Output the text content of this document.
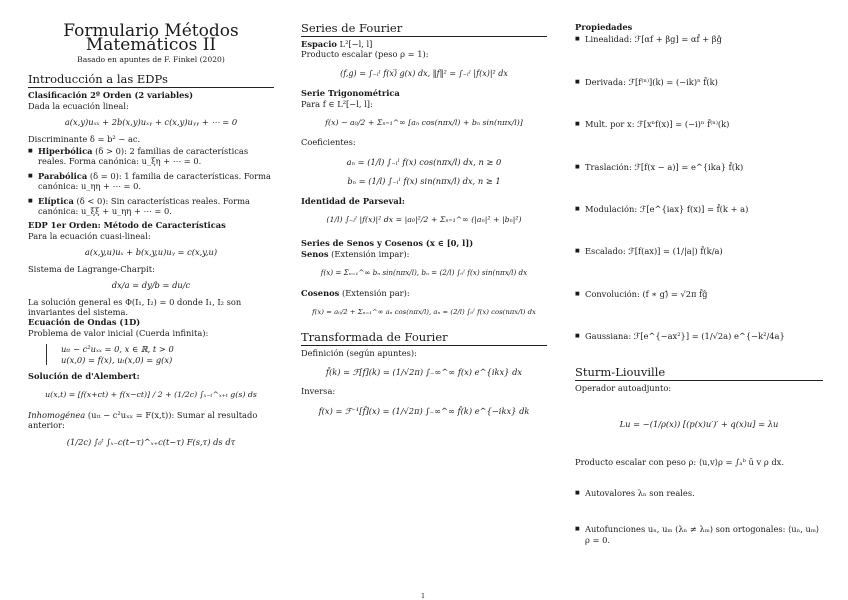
Formulario Métodos Matemáticos II
Basado en apuntes de F. Finkel (2020)
Introducción a las EDPs
Clasificación 2º Orden (2 variables)

Dada la ecuación lineal:

a(x,y)uₓₓ + 2b(x,y)uₓᵧ + c(x,y)uᵧᵧ + ⋯ = 0

Discriminante δ = b² − ac.

■ Hiperbólica (δ > 0): 2 familias de características reales. Forma canónica: u_ξη + ⋯ = 0.
■ Parabólica (δ = 0): 1 familia de características. Forma canónica: u_ηη + ⋯ = 0.
■ Elíptica (δ < 0): Sin características reales. Forma canónica: u_ξξ + u_ηη + ⋯ = 0.
EDP 1er Orden: Método de Características

Para la ecuación cuasi-lineal:

a(x,y,u)uₓ + b(x,y,u)uᵧ = c(x,y,u)

Sistema de Lagrange-Charpit:

dx/a = dy/b = du/c

La solución general es Φ(I₁, I₂) = 0 donde I₁, I₂ son invariantes del sistema.

Ecuación de Ondas (1D)

Problema de valor inicial (Cuerda infinita):

uₜₜ − c²uₓₓ = 0, x ∈ ℝ, t > 0
u(x,0) = f(x), uₜ(x,0) = g(x)
Solución de d'Alembert:
u(x,t) = [f(x+ct) + f(x−ct)] / 2 + (1/2c) ∫ₓ₋ₜ^ₓ₊ₜ g(s) ds

Inhomogénea (uₜₜ − c²uₓₓ = F(x,t)): Sumar al resultado anterior:

(1/2c) ∫₀ᵗ ∫ₓ₋c(t−τ)^ₓ₊c(t−τ) F(s,τ) ds dτ
Series de Fourier

Espacio L²[−l, l]

Producto escalar (peso ρ = 1):

(f,g) = ∫₋ₗˡ f(x)̅ g(x) dx, ‖f‖² = ∫₋ₗˡ |f(x)|² dx
Serie Trigonométrica

Para f ∈ L²[−l, l]:

f(x) ∼ a₀/2 + Σₙ₌₁^∞ [aₙ cos(nπx/l) + bₙ sin(nπx/l)]

Coeficientes:

aₙ = (1/l) ∫₋ₗˡ f(x) cos(nπx/l) dx, n ≥ 0
bₙ = (1/l) ∫₋ₗˡ f(x) sin(nπx/l) dx, n ≥ 1
Identidad de Parseval:
(1/l) ∫₋ₗˡ |f(x)|² dx = |a₀|²/2 + Σₙ₌₁^∞ (|aₙ|² + |bₙ|²)
Series de Senos y Cosenos (x ∈ [0, l])

Senos (Extensión impar):

f(x) = Σₙ₌₁^∞ bₙ sin(nπx/l), bₙ = (2/l) ∫₀ˡ f(x) sin(nπx/l) dx

Cosenos (Extensión par):

f(x) = a₀/2 + Σₙ₌₁^∞ aₙ cos(nπx/l), aₙ = (2/l) ∫₀ˡ f(x) cos(nπx/l) dx
Transformada de Fourier

Definición (según apuntes):

f̂(k) = ℱ[f](k) = (1/√2π) ∫₋∞^∞ f(x) e^{ikx} dx

Inversa:

f(x) = ℱ⁻¹[f̂](x) = (1/√2π) ∫₋∞^∞ f̂(k) e^{−ikx} dk
Propiedades
■ Linealidad: ℱ[αf + βg] = αf̂ + βĝ
■ Derivada: ℱ[f⁽ⁿ⁾](k) = (−ik)ⁿ f̂(k)
■ Mult. por x: ℱ[xⁿf(x)] = (−i)ⁿ f̂⁽ⁿ⁾(k)
■ Traslación: ℱ[f(x − a)] = e^{ika} f̂(k)
■ Modulación: ℱ[e^{iax} f(x)] = f̂(k + a)
■ Escalado: ℱ[f(ax)] = (1/|a|) f̂(k/a)
■ Convolución: (f ∗ g)̂ = √2π f̂ĝ
■ Gaussiana: ℱ[e^{−ax²}] = (1/√2a) e^{−k²/4a}
Sturm-Liouville

Operador autoadjunto:

Lu = −(1/ρ(x)) [(p(x)u′)′ + q(x)u] = λu

Producto escalar con peso ρ: ⟨u,v⟩ρ = ∫ₐᵇ ū v ρ dx.

■ Autovalores λₙ son reales.
■ Autofunciones uₙ, uₘ (λₙ ≠ λₘ) son ortogonales: ⟨uₙ, uₘ⟩ρ = 0.
1
